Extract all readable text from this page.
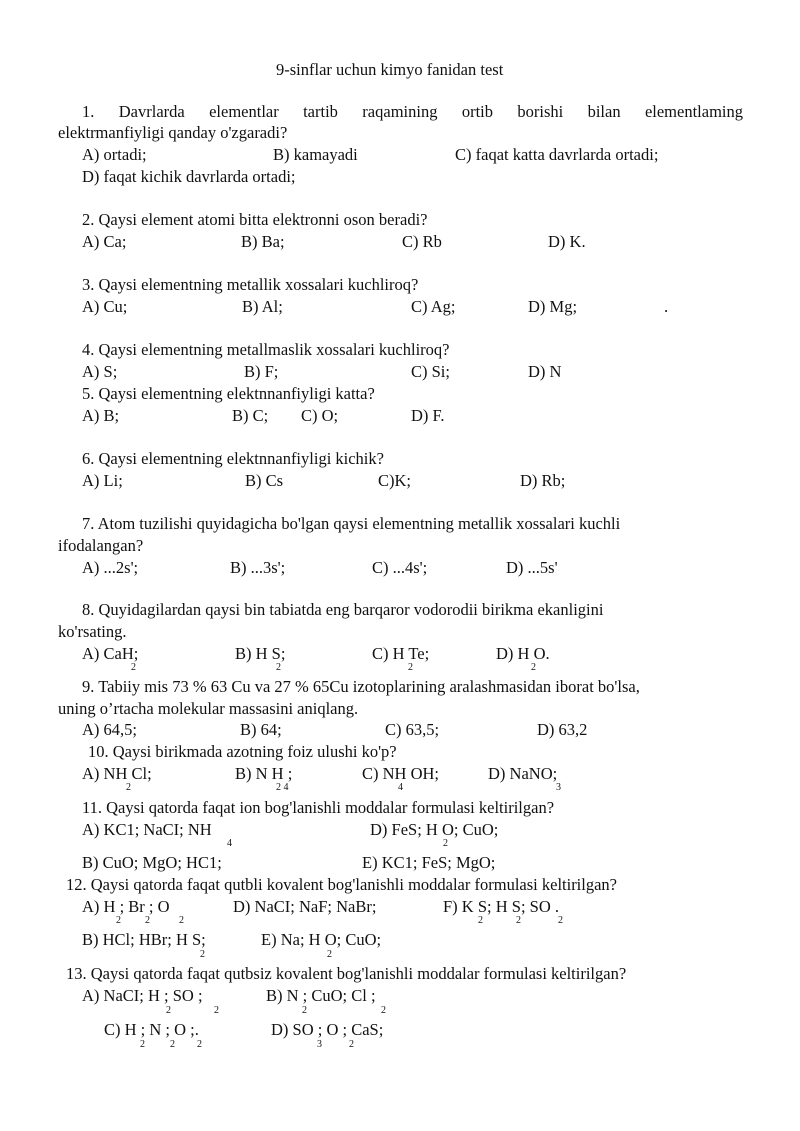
9-sinflar uchun kimyo fanidan test
1. Davrlarda elementlar tartib raqamining ortib borishi bilan elementlaming
elektrmanfiyligi qanday o'zgaradi?
A) ortadi;	B) kamayadi	C) faqat katta davrlarda ortadi;
D) faqat kichik davrlarda ortadi;
2. Qaysi element atomi bitta elektronni oson beradi?
A) Ca;	B) Ba;	C) Rb	D) K.
3. Qaysi elementning metallik xossalari kuchliroq?
A) Cu;	B) Al;	C) Ag;	D) Mg;	.
4. Qaysi elementning metallmaslik xossalari kuchliroq?
A) S;	B) F;	C) Si;	D) N
5. Qaysi elementning elektnnanfiyligi katta?
A) B;	B) C; C) O;	D) F.
6. Qaysi elementning elektnnanfiyligi kichik?
A) Li;	B) Cs	C)K;	D) Rb;
7. Atom tuzilishi quyidagicha bo'lgan qaysi elementning metallik xossalari kuchli
ifodalangan?
A) ...2s';	B) ...3s';	C) ...4s';	D) ...5s'
8. Quyidagilardan qaysi bin tabiatda eng barqaror vodorodii birikma ekanligini
ko'rsating.
A) CaH;	B) H S;	C) H Te;	D) H O.
2	2	2	2
9. Tabiiy mis 73 % 63 Cu va 27 % 65Cu izotoplarining aralashmasidan iborat bo'lsa,
uning o’rtacha molekular massasini aniqlang.
A) 64,5;	B) 64;	C) 63,5;	D) 63,2
10. Qaysi birikmada azotning foiz ulushi ko'p?
A) NH Cl;	B) N H ;	C) NH OH;	D) NaNO;
2	2 4	4	3
11. Qaysi qatorda faqat ion bog'lanishli moddalar formulasi keltirilgan?
A) KC1; NaCI; NH	D) FeS; H O; CuO;
4	2
B) CuO; MgO; HC1;	E) KC1; FeS; MgO;
12. Qaysi qatorda faqat qutbli kovalent bog'lanishli moddalar formulasi keltirilgan?
A) H ; Br ; O	D) NaCI; NaF; NaBr;	F) K S; H S; SO .
2 2	2	2	2	2
B) HCl; HBr; H S;	E) Na; H O; CuO;
2	2
13. Qaysi qatorda faqat qutbsiz kovalent bog'lanishli moddalar formulasi keltirilgan?
A) NaCI; H ; SO ;	B) N ; CuO; Cl ;
2	2	2	2
C) H ; N ; O ;.	D) SO ; O ; CaS;
2	2 2	3	2
